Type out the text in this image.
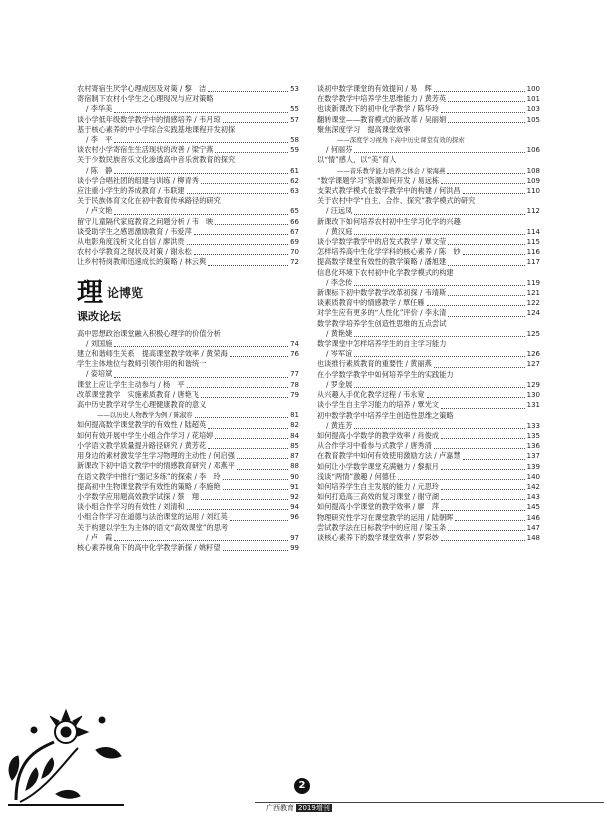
农村寄宿生厌学心理成因及对策 / 黎　洁	53
寄宿制下农村小学生之心理现况与应对策略
/ 李华美	55
谈小学低年级数学教学中的情感培养 / 韦月琼	57
基于核心素养的中小学综合实践基地课程开发初探
/ 李　平	58
谈农村小学寄宿生生活现状的改善 / 梁宁燕	59
关于少数民族音乐文化渗透高中音乐赏教育的探究
/ 陈　静	61
谈小学合唱社团的组建与训练 / 柳青秀	62
应注重小学生的养成教育 / 韦联建	63
关于民族体育文化在初中教育传承路径的研究
/ 卢文艳	65
留守儿童隔代家庭教育之问题分析 / 韦　映	66
谈受助学生之感恩激励教育 / 韦爱萍	67
从电影角度浅析文化自信 / 廖洪贵	69
农村小学教育之现状及对策 / 谢永松	70
让乡村特岗教师迅速成长的策略 / 林云舆	72
理 论博览
课改论坛
高中思想政治课堂融入积极心理学的价值分析
/ 刘国施	74
建立和谐师生关系　提高课堂教学效率 / 黄荣海	76
学生主体地位与教师引领作用的和谐统一
/ 姿培斌	77
课堂上应让学生主动参与 / 杨　平	78
改革课堂教学　实施素质教育 / 唐艳飞	79
高中历史教学对学生心理健康教育的意义
——以历史人物教学为例 / 陈淑容	81
如何提高数学课堂教学的有效性 / 陆超英	82
如何有效开展中学生小组合作学习 / 花培婷	84
小学语文教学质量提升路径研究 / 黄芳花	85
用身边的素材激发学生学习物理的主动性 / 何启强	87
新课改下初中语文教学中的情感教育研究 / 邓燕平	88
在语文教学中推行“强记多练”的探索 / 李　玲	90
提高初中生物课堂教学有效性的策略 / 李施艳	91
小学数学应用题高效教学试探 / 蔡　翔	92
谈小组合作学习的有效性 / 刘清和	94
小组合作学习在道德与法治课堂的运用 / 刘红英	96
关于构建以学生为主体的语文“高效课堂”的思考
/ 卢　霞	97
核心素养视角下的高中化学教学新探 / 姚籽望	99
谈初中数学课堂的有效提问 / 易　辉	100
在数学教学中培养学生思维能力 / 黄芳英	101
也谈新课改下的初中化学教学 / 陈华玲	103
翻转课堂——教育模式的新改革 / 吴丽娟	105
聚焦深度学习　提高课堂效率
——深度学习视角下高中历史课堂有效的探索
/ 何丽芬	106
以“情”感人，以“美”育人
——音乐教学能力培养之体会 / 梁海燕	108
“数学课题学习”资源如何开发 / 易远栋	109
支架式教学模式在数学教学中的构建 / 何洪昌	110
关于农村中学“自主、合作、探究”教学模式的研究
/ 汪远凤	112
新课改下如何培养农村初中生学习化学的兴趣
/ 黄汉庭	114
谈小学数学教学中的启发式教学 / 覃文莹	115
怎样培养高中生化学学科的核心素养 / 陈　妙	116
提高数学课堂有效性的教学策略 / 潘旭建	117
信息化环境下农村初中化学教学模式的构建
/ 李念传	119
新课标下初中数学教学改革初探 / 韦靖斯	121
谈素质教育中的情感教学 / 覃任雁	122
对学生应有更多的“人性化”评价 / 李永清	124
数学教学培养学生创造性思维的五点尝试
/ 黄艳婕	125
数学课堂中怎样培养学生的自主学习能力
/ 岑军谊	126
也谈推行素质教育的重要性 / 黄丽燕	127
在小学数学教学中如何培养学生的实践能力
/ 罗金展	129
从兴趣入手优化教学过程 / 韦永宽	130
谈小学生自主学习能力的培养 / 覃光文	131
初中数学教学中培养学生创造性思维之策略
/ 黄连芳	133
如何提高小学数学的教学效率 / 肖俊成	135
从合作学习中看参与式教学 / 唐秀清	136
在教育教学中如何有效使用激励方法 / 卢嘉慧	137
如何让小学数学课堂充满魅力 / 黎振月	139
浅谈“两情”激趣 / 何德任	140
如何培养学生自主发展的能力 / 元思玲	142
如何打造高三高效的复习课堂 / 谢守湖	143
如何提高小学课堂的教学效率 / 廖　萍	145
物理研究性学习在课堂教学的运用 / 陆朝晖	146
尝试教学法在日标教学中的应用 / 梁玉条	147
谈核心素养下的数学课堂效率 / 罗彩妙	148
2
广西教育 2019增刊
